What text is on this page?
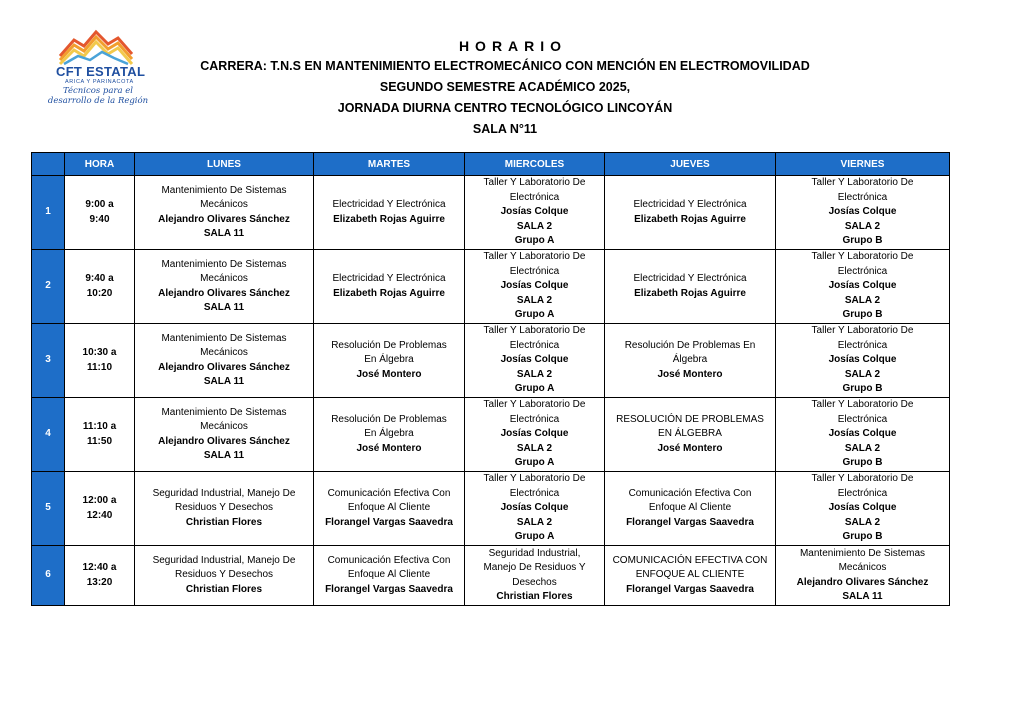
CFT ESTATAL
ARICA Y PARINACOTA
Técnicos para el desarrollo de la Región
HORARIO
CARRERA: T.N.S EN MANTENIMIENTO ELECTROMECÁNICO CON MENCIÓN EN ELECTROMOVILIDAD
SEGUNDO SEMESTRE ACADÉMICO 2025,
JORNADA DIURNA CENTRO TECNOLÓGICO LINCOYÁN
SALA N°11
	HORA	LUNES	MARTES	MIERCOLES	JUEVES	VIERNES
1	9:00 a
9:40	Mantenimiento De Sistemas
Mecánicos
Alejandro Olivares Sánchez
SALA 11	Electricidad Y Electrónica
Elizabeth Rojas Aguirre	Taller Y Laboratorio De
Electrónica
Josías Colque
SALA 2
Grupo A	Electricidad Y Electrónica
Elizabeth Rojas Aguirre	Taller Y Laboratorio De
Electrónica
Josías Colque
SALA 2
Grupo B

2	9:40 a
10:20	Mantenimiento De Sistemas
Mecánicos
Alejandro Olivares Sánchez
SALA 11	Electricidad Y Electrónica
Elizabeth Rojas Aguirre	Taller Y Laboratorio De
Electrónica
Josías Colque
SALA 2
Grupo A	Electricidad Y Electrónica
Elizabeth Rojas Aguirre	Taller Y Laboratorio De
Electrónica
Josías Colque
SALA 2
Grupo B

3	10:30 a
11:10	Mantenimiento De Sistemas
Mecánicos
Alejandro Olivares Sánchez
SALA 11	Resolución De Problemas
En Álgebra
José Montero	Taller Y Laboratorio De
Electrónica
Josías Colque
SALA 2
Grupo A	Resolución De Problemas En
Álgebra
José Montero	Taller Y Laboratorio De
Electrónica
Josías Colque
SALA 2
Grupo B

4	11:10 a
11:50	Mantenimiento De Sistemas
Mecánicos
Alejandro Olivares Sánchez
SALA 11	Resolución De Problemas
En Álgebra
José Montero	Taller Y Laboratorio De
Electrónica
Josías Colque
SALA 2
Grupo A	RESOLUCIÓN DE PROBLEMAS
EN ÁLGEBRA
José Montero	Taller Y Laboratorio De
Electrónica
Josías Colque
SALA 2
Grupo B

5	12:00 a
12:40	Seguridad Industrial, Manejo De
Residuos Y Desechos
Christian Flores	Comunicación Efectiva Con
Enfoque Al Cliente
Florangel Vargas Saavedra	Taller Y Laboratorio De
Electrónica
Josías Colque
SALA 2
Grupo A	Comunicación Efectiva Con
Enfoque Al Cliente
Florangel Vargas Saavedra	Taller Y Laboratorio De
Electrónica
Josías Colque
SALA 2
Grupo B

6	12:40 a
13:20	Seguridad Industrial, Manejo De
Residuos Y Desechos
Christian Flores	Comunicación Efectiva Con
Enfoque Al Cliente
Florangel Vargas Saavedra	Seguridad Industrial,
Manejo De Residuos Y
Desechos
Christian Flores	COMUNICACIÓN EFECTIVA CON
ENFOQUE AL CLIENTE
Florangel Vargas Saavedra	Mantenimiento De Sistemas
Mecánicos
Alejandro Olivares Sánchez
SALA 11
